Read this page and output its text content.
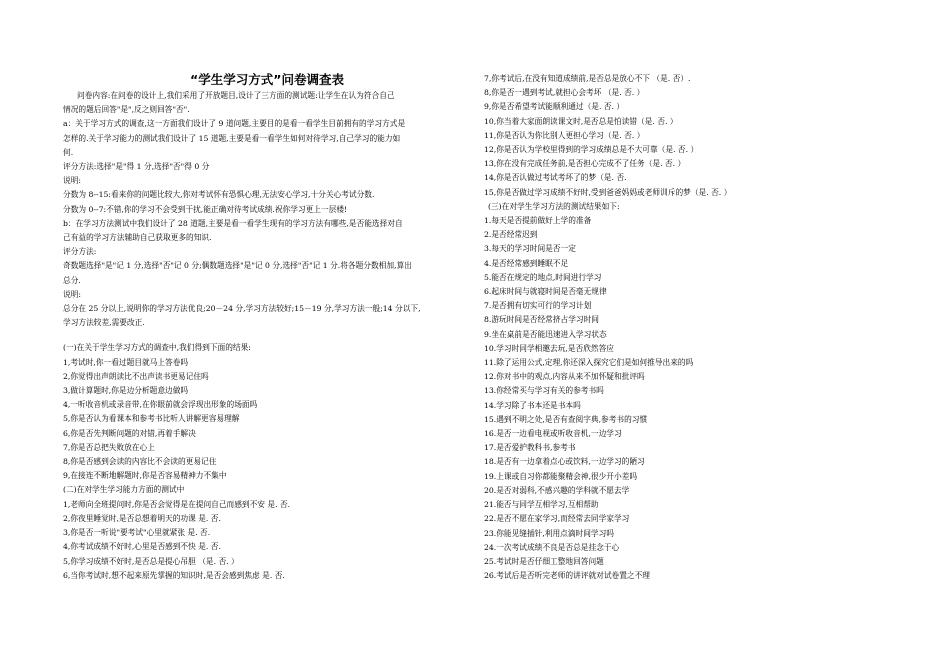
“学生学习方式”问卷调查表
问卷内容:在问卷的设计上,我们采用了开放题目,设计了三方面的测试题:让学生在认为符合自己
情况的题后回答"是",反之则回答"否".
a：关于学习方式的调查,这一方面我们设计了 9 道问题,主要目的是看一看学生目前拥有的学习方式是
怎样的.关于学习能力的测试我们设计了 15 道题,主要是看一看学生如何对待学习,自己学习的能力如
何.
评分方法:选择"是"得 1 分,选择"否"得 0 分
说明:
分数为 8--15:看来你的问题比较大,你对考试怀有恐惧心理,无法安心学习,十分关心考试分数.
分数为 0--7:不错,你的学习不会受到干扰,能正确对待考试成绩.祝你学习更上一层楼!
b：在学习方法测试中我们设计了 28 道题,主要是看一看学生现有的学习方法有哪些,是否能选择对自
己有益的学习方法辅助自己获取更多的知识.
评分方法:
奇数题选择"是"记 1 分,选择"否"记 0 分;偶数题选择"是"记 0 分,选择"否"记 1 分.将各题分数相加,算出
总分.
说明:
总分在 25 分以上,说明你的学习方法优良;20－24 分,学习方法较好;15－19 分,学习方法一般;14 分以下,
学习方法较差,需要改正.
(一)在关于学生学习方式的调查中,我们得到下面的结果:
1,考试时,你一看过题目就马上答卷吗
2,你觉得出声朗读比不出声读书更易记住吗
3,做计算题时,你是边分析题意边做吗
4,一听收音机或录音带,在你眼前就会浮现出形象的场面吗
5,你是否认为看课本和参考书比听人讲解更容易理解
6,你是否先判断问题的对错,再着手解决
7,你是否总把失败放在心上
8,你是否感到会读的内容比不会读的更易记住
9,在接连不断地解题时,你是否容易精神力不集中
(二)在对学生学习能力方面的测试中
1,老师向全班提问时,你是否会觉得是在提问自己而感到不安 是. 否.
2,你夜里睡觉时,是否总想着明天的功课 是. 否.
3,你是否一听说"要考试"心里就紧张 是. 否.
4,你考试成绩不好时,心里是否感到不快 是. 否.
5,你学习成绩不好时,是否总是提心吊胆 （是. 否. ）
6,当你考试时,想不起来原先掌握的知识时,是否会感到焦虑 是. 否.
7,你考试后,在没有知道成绩前,是否总是放心不下 （是. 否）.
8,你是否一遇到考试,就担心会考坏 （是. 否. ）
9,你是否希望考试能顺利通过（是. 否. ）
10,你当着大家面朗读课文时,是否总是怕读错（是. 否. ）
11,你是否认为你比别人更担心学习（是. 否. ）
12,你是否认为学校里得到的学习成绩总是不大可靠（是. 否. ）
13,你在没有完成任务前,是否担心完成不了任务（是. 否. ）
14,你是否认做过考试考坏了的梦（是. 否.
15,你是否做过学习成绩不好时,受到爸爸妈妈或老师训斥的梦（是. 否. ）
(三)在对学生学习方法的测试结果如下:
1.每天是否提前做好上学的准备
2.是否经常迟到
3.每天的学习时间是否一定
4.是否经常感到睡眠不足
5.能否在规定的地点,时间进行学习
6.起床时间与就寝时间是否毫无规律
7.是否拥有切实可行的学习计划
8.游玩时间是否经常挤占学习时间
9.坐在桌前是否能迅速进入学习状态
10.学习时同学相邀去玩,是否欣然答应
11.除了运用公式,定理,你还深入探究它们是如何推导出来的吗
12.你对书中的观点,内容从来不加怀疑和批评吗
13.你经常买与学习有关的参考书吗
14.学习除了书本还是书本吗
15.遇到不明之处,是否有查阅字典,参考书的习惯
16.是否一边看电视或听收音机,一边学习
17.是否爱护教科书,参考书
18.是否有一边拿着点心或饮料,一边学习的陋习
19.上课或自习你都能聚精会神,很少开小差吗
20.是否对弱科,不感兴趣的学科就不愿去学
21.能否与同学互相学习,互相帮助
22.是否不愿在家学习,而经常去同学家学习
23.你能见缝插针,利用点滴时间学习吗
24.一次考试成绩不良是否总是挂念于心
25.考试时是否仔细工整地回答问题
26.考试后是否听完老师的讲评就对试卷置之不理
